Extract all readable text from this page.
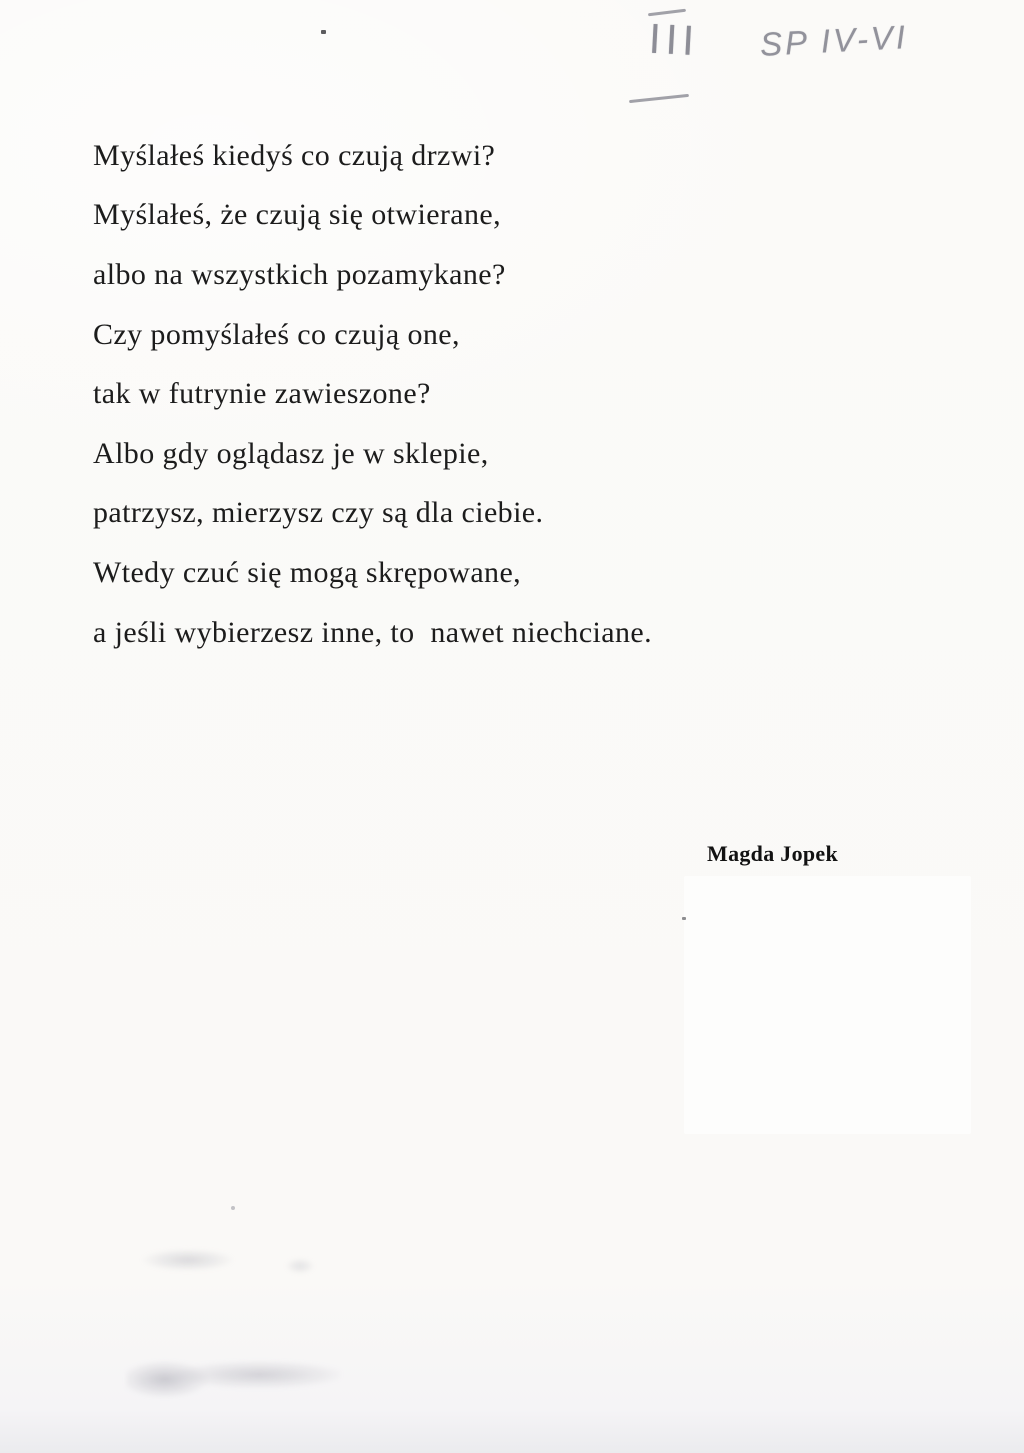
III SP IV-VI
Myślałeś kiedyś co czują drzwi?
Myślałeś, że czują się otwierane,
albo na wszystkich pozamykane?
Czy pomyślałeś co czują one,
tak w futrynie zawieszone?
Albo gdy oglądasz je w sklepie,
patrzysz, mierzysz czy są dla ciebie.
Wtedy czuć się mogą skrępowane,
a jeśli wybierzesz inne, to  nawet niechciane.
Magda Jopek
